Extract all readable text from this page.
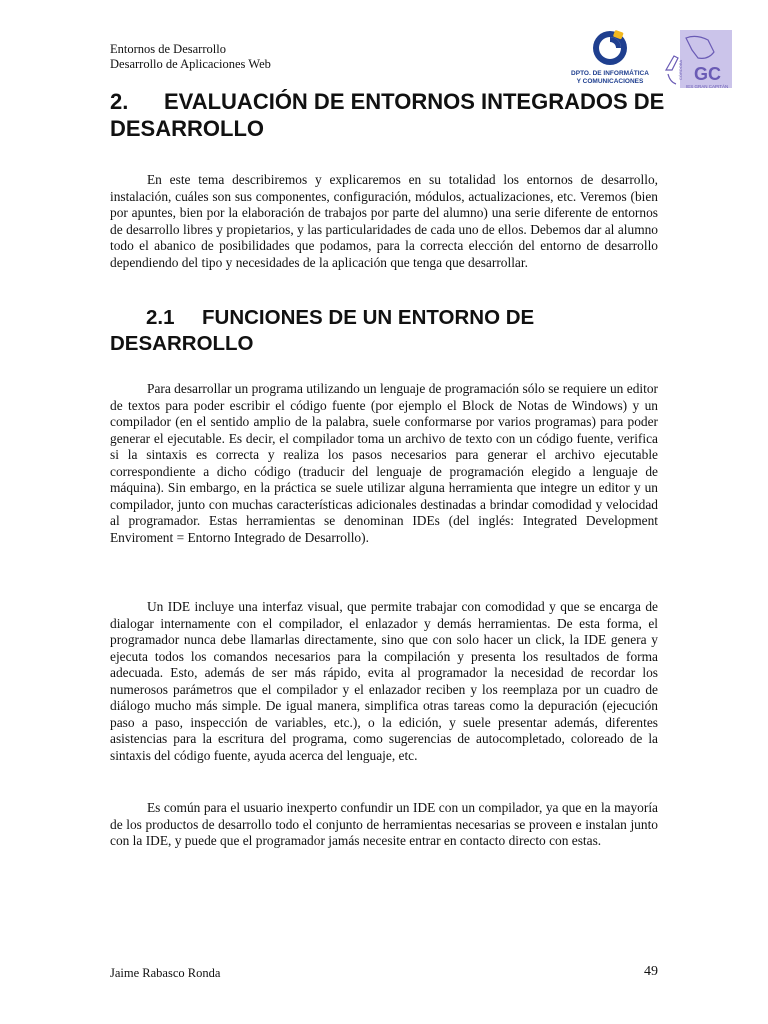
Entornos de Desarrollo
Desarrollo de Aplicaciones Web
DPTO. DE INFORMÁTICA
Y COMUNICACIONES	GC
IES GRAN CAPITÁN
CÓRDOBA
2. EVALUACIÓN DE ENTORNOS INTEGRADOS DE DESARROLLO

En este tema describiremos y explicaremos en su totalidad los entornos de desarrollo, instalación, cuáles son sus componentes, configuración, módulos, actualizaciones, etc. Veremos (bien por apuntes, bien por la elaboración de trabajos por parte del alumno) una serie diferente de entornos de desarrollo libres y propietarios, y las particularidades de cada uno de ellos. Debemos dar al alumno todo el abanico de posibilidades que podamos, para la correcta elección del entorno de desarrollo dependiendo del tipo y necesidades de la aplicación que tenga que desarrollar.

2.1 FUNCIONES DE UN ENTORNO DE DESARROLLO

Para desarrollar un programa utilizando un lenguaje de programación sólo se requiere un editor de textos para poder escribir el código fuente (por ejemplo el Block de Notas de Windows) y un compilador (en el sentido amplio de la palabra, suele conformarse por varios programas) para poder generar el ejecutable. Es decir, el compilador toma un archivo de texto con un código fuente, verifica si la sintaxis es correcta y realiza los pasos necesarios para generar el archivo ejecutable correspondiente a dicho código (traducir del lenguaje de programación elegido a lenguaje de máquina). Sin embargo, en la práctica se suele utilizar alguna herramienta que integre un editor y un compilador, junto con muchas características adicionales destinadas a brindar comodidad y velocidad al programador. Estas herramientas se denominan IDEs (del inglés: Integrated Development Enviroment = Entorno Integrado de Desarrollo).

Un IDE incluye una interfaz visual, que permite trabajar con comodidad y que se encarga de dialogar internamente con el compilador, el enlazador y demás herramientas. De esta forma, el programador nunca debe llamarlas directamente, sino que con solo hacer un click, la IDE genera y ejecuta todos los comandos necesarios para la compilación y presenta los resultados de forma adecuada. Esto, además de ser más rápido, evita al programador la necesidad de recordar los numerosos parámetros que el compilador y el enlazador reciben y los reemplaza por un cuadro de diálogo mucho más simple. De igual manera, simplifica otras tareas como la depuración (ejecución paso a paso, inspección de variables, etc.), o la edición, y suele presentar además, diferentes asistencias para la escritura del programa, como sugerencias de autocompletado, coloreado de la sintaxis del código fuente, ayuda acerca del lenguaje, etc.

Es común para el usuario inexperto confundir un IDE con un compilador, ya que en la mayoría de los productos de desarrollo todo el conjunto de herramientas necesarias se proveen e instalan junto con la IDE, y puede que el programador jamás necesite entrar en contacto directo con estas.

Jaime Rabasco Ronda	49
